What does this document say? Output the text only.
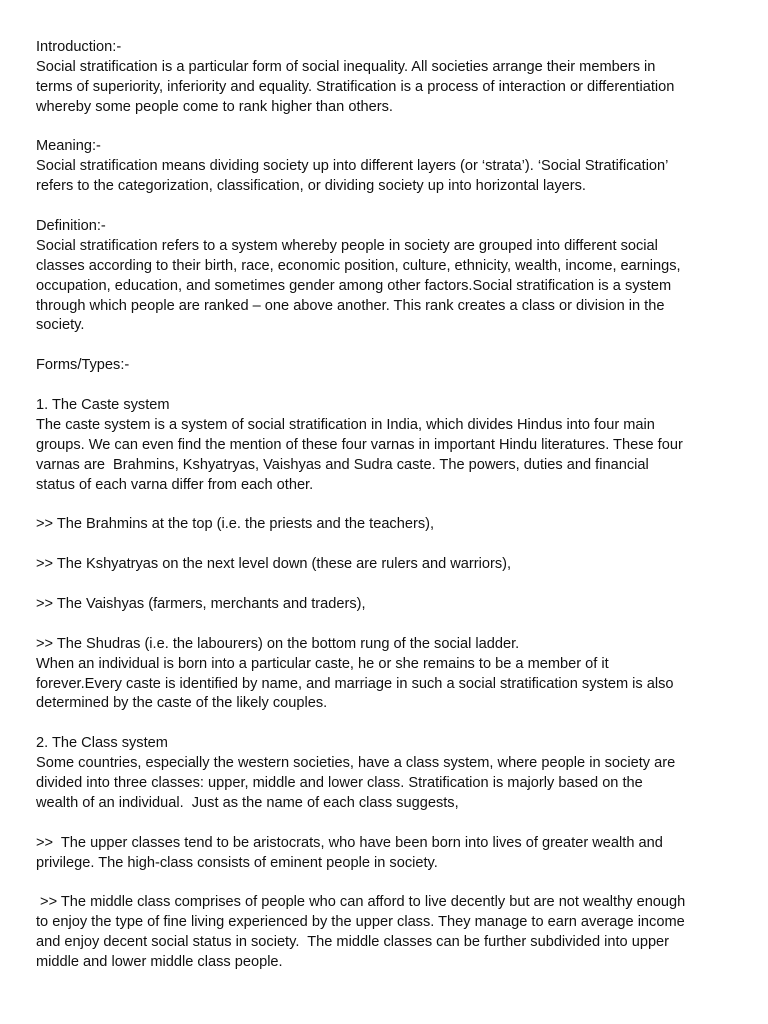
Introduction:-
Social stratification is a particular form of social inequality. All societies arrange their members in
terms of superiority, inferiority and equality. Stratification is a process of interaction or differentiation
whereby some people come to rank higher than others.
Meaning:-
Social stratification means dividing society up into different layers (or ‘strata’). ‘Social Stratification’
refers to the categorization, classification, or dividing society up into horizontal layers.
Definition:-
Social stratification refers to a system whereby people in society are grouped into different social
classes according to their birth, race, economic position, culture, ethnicity, wealth, income, earnings,
occupation, education, and sometimes gender among other factors.Social stratification is a system
through which people are ranked – one above another. This rank creates a class or division in the
society.
Forms/Types:-
1. The Caste system
The caste system is a system of social stratification in India, which divides Hindus into four main
groups. We can even find the mention of these four varnas in important Hindu literatures. These four
varnas are  Brahmins, Kshyatryas, Vaishyas and Sudra caste. The powers, duties and financial
status of each varna differ from each other.
>> The Brahmins at the top (i.e. the priests and the teachers),
>> The Kshyatryas on the next level down (these are rulers and warriors),
>> The Vaishyas (farmers, merchants and traders),
>> The Shudras (i.e. the labourers) on the bottom rung of the social ladder.
When an individual is born into a particular caste, he or she remains to be a member of it
forever.Every caste is identified by name, and marriage in such a social stratification system is also
determined by the caste of the likely couples.
2. The Class system
Some countries, especially the western societies, have a class system, where people in society are
divided into three classes: upper, middle and lower class. Stratification is majorly based on the
wealth of an individual.  Just as the name of each class suggests,
>>  The upper classes tend to be aristocrats, who have been born into lives of greater wealth and
privilege. The high-class consists of eminent people in society.
>> The middle class comprises of people who can afford to live decently but are not wealthy enough
to enjoy the type of fine living experienced by the upper class. They manage to earn average income
and enjoy decent social status in society.  The middle classes can be further subdivided into upper
middle and lower middle class people.
